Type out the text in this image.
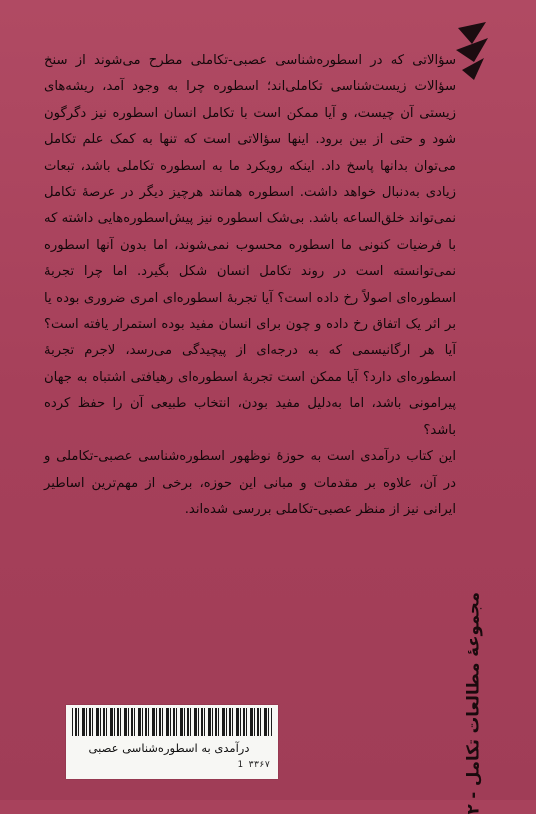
سؤالاتی که در اسطوره‌شناسی عصبی-تکاملی مطرح می‌شوند از سنخ سؤالات زیست‌شناسی تکاملی‌اند؛ اسطوره چرا به وجود آمد، ریشه‌های زیستی آن چیست، و آیا ممکن است با تکامل انسان اسطوره نیز دگرگون شود و حتی از بین برود. اینها سؤالاتی است که تنها به کمک علم تکامل می‌توان بدانها پاسخ داد. اینکه رویکرد ما به اسطوره تکاملی باشد، تبعات زیادی به‌دنبال خواهد داشت. اسطوره همانند هرچیز دیگر در عرصهٔ تکامل نمی‌تواند خلق‌الساعه باشد. بی‌شک اسطوره نیز پیش‌اسطوره‌هایی داشته که با فرضیات کنونی ما اسطوره محسوب نمی‌شوند، اما بدون آنها اسطوره نمی‌توانسته است در روند تکامل انسان شکل بگیرد. اما چرا تجربهٔ اسطوره‌ای اصولاً رخ داده است؟ آیا تجربهٔ اسطوره‌ای امری ضروری بوده یا بر اثر یک اتفاق رخ داده و چون برای انسان مفید بوده استمرار یافته است؟ آیا هر ارگانیسمی که به درجه‌ای از پیچیدگی می‌رسد، لاجرم تجربهٔ اسطوره‌ای دارد؟ آیا ممکن است تجربهٔ اسطوره‌ای رهیافتی اشتباه به جهان پیرامونی باشد، اما به‌دلیل مفید بودن، انتخاب طبیعی آن را حفظ کرده باشد؟

این کتاب درآمدی است به حوزهٔ نوظهور اسطوره‌شناسی عصبی-تکاملی و در آن، علاوه بر مقدمات و مبانی این حوزه، برخی از مهم‌ترین اساطیر ایرانی نیز از منظر عصبی-تکاملی بررسی شده‌اند.

مجموعهٔ مطالعات تکامل - ۲
درآمدی به اسطوره‌شناسی عصبی
1 ۳۳۶۷
